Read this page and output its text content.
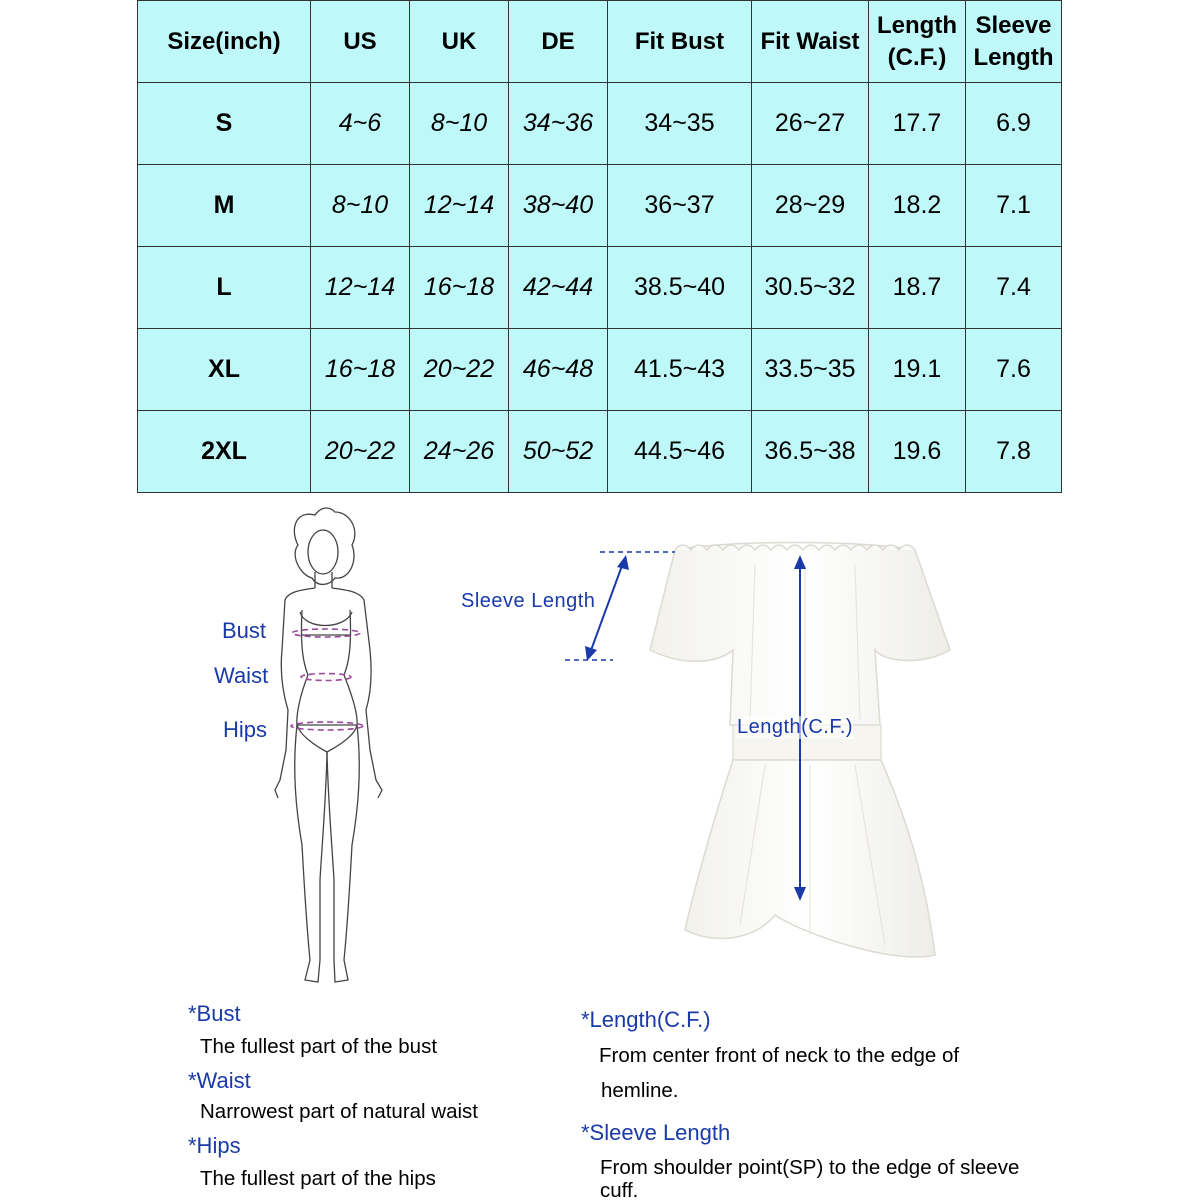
Size(inch)	US	UK	DE	Fit Bust	Fit Waist	Length (C.F.)	Sleeve Length
S	4~6	8~10	34~36	34~35	26~27	17.7	6.9
M	8~10	12~14	38~40	36~37	28~29	18.2	7.1
L	12~14	16~18	42~44	38.5~40	30.5~32	18.7	7.4
XL	16~18	20~22	46~48	41.5~43	33.5~35	19.1	7.6
2XL	20~22	24~26	50~52	44.5~46	36.5~38	19.6	7.8
Bust
Waist
Hips
Sleeve Length
Length(C.F.)
*Bust
The fullest part of the bust
*Waist
Narrowest part of natural waist
*Hips
The fullest part of the hips
*Length(C.F.)
From center front of neck to the edge of
hemline.
*Sleeve Length
From shoulder point(SP) to the edge of sleeve
cuff.
